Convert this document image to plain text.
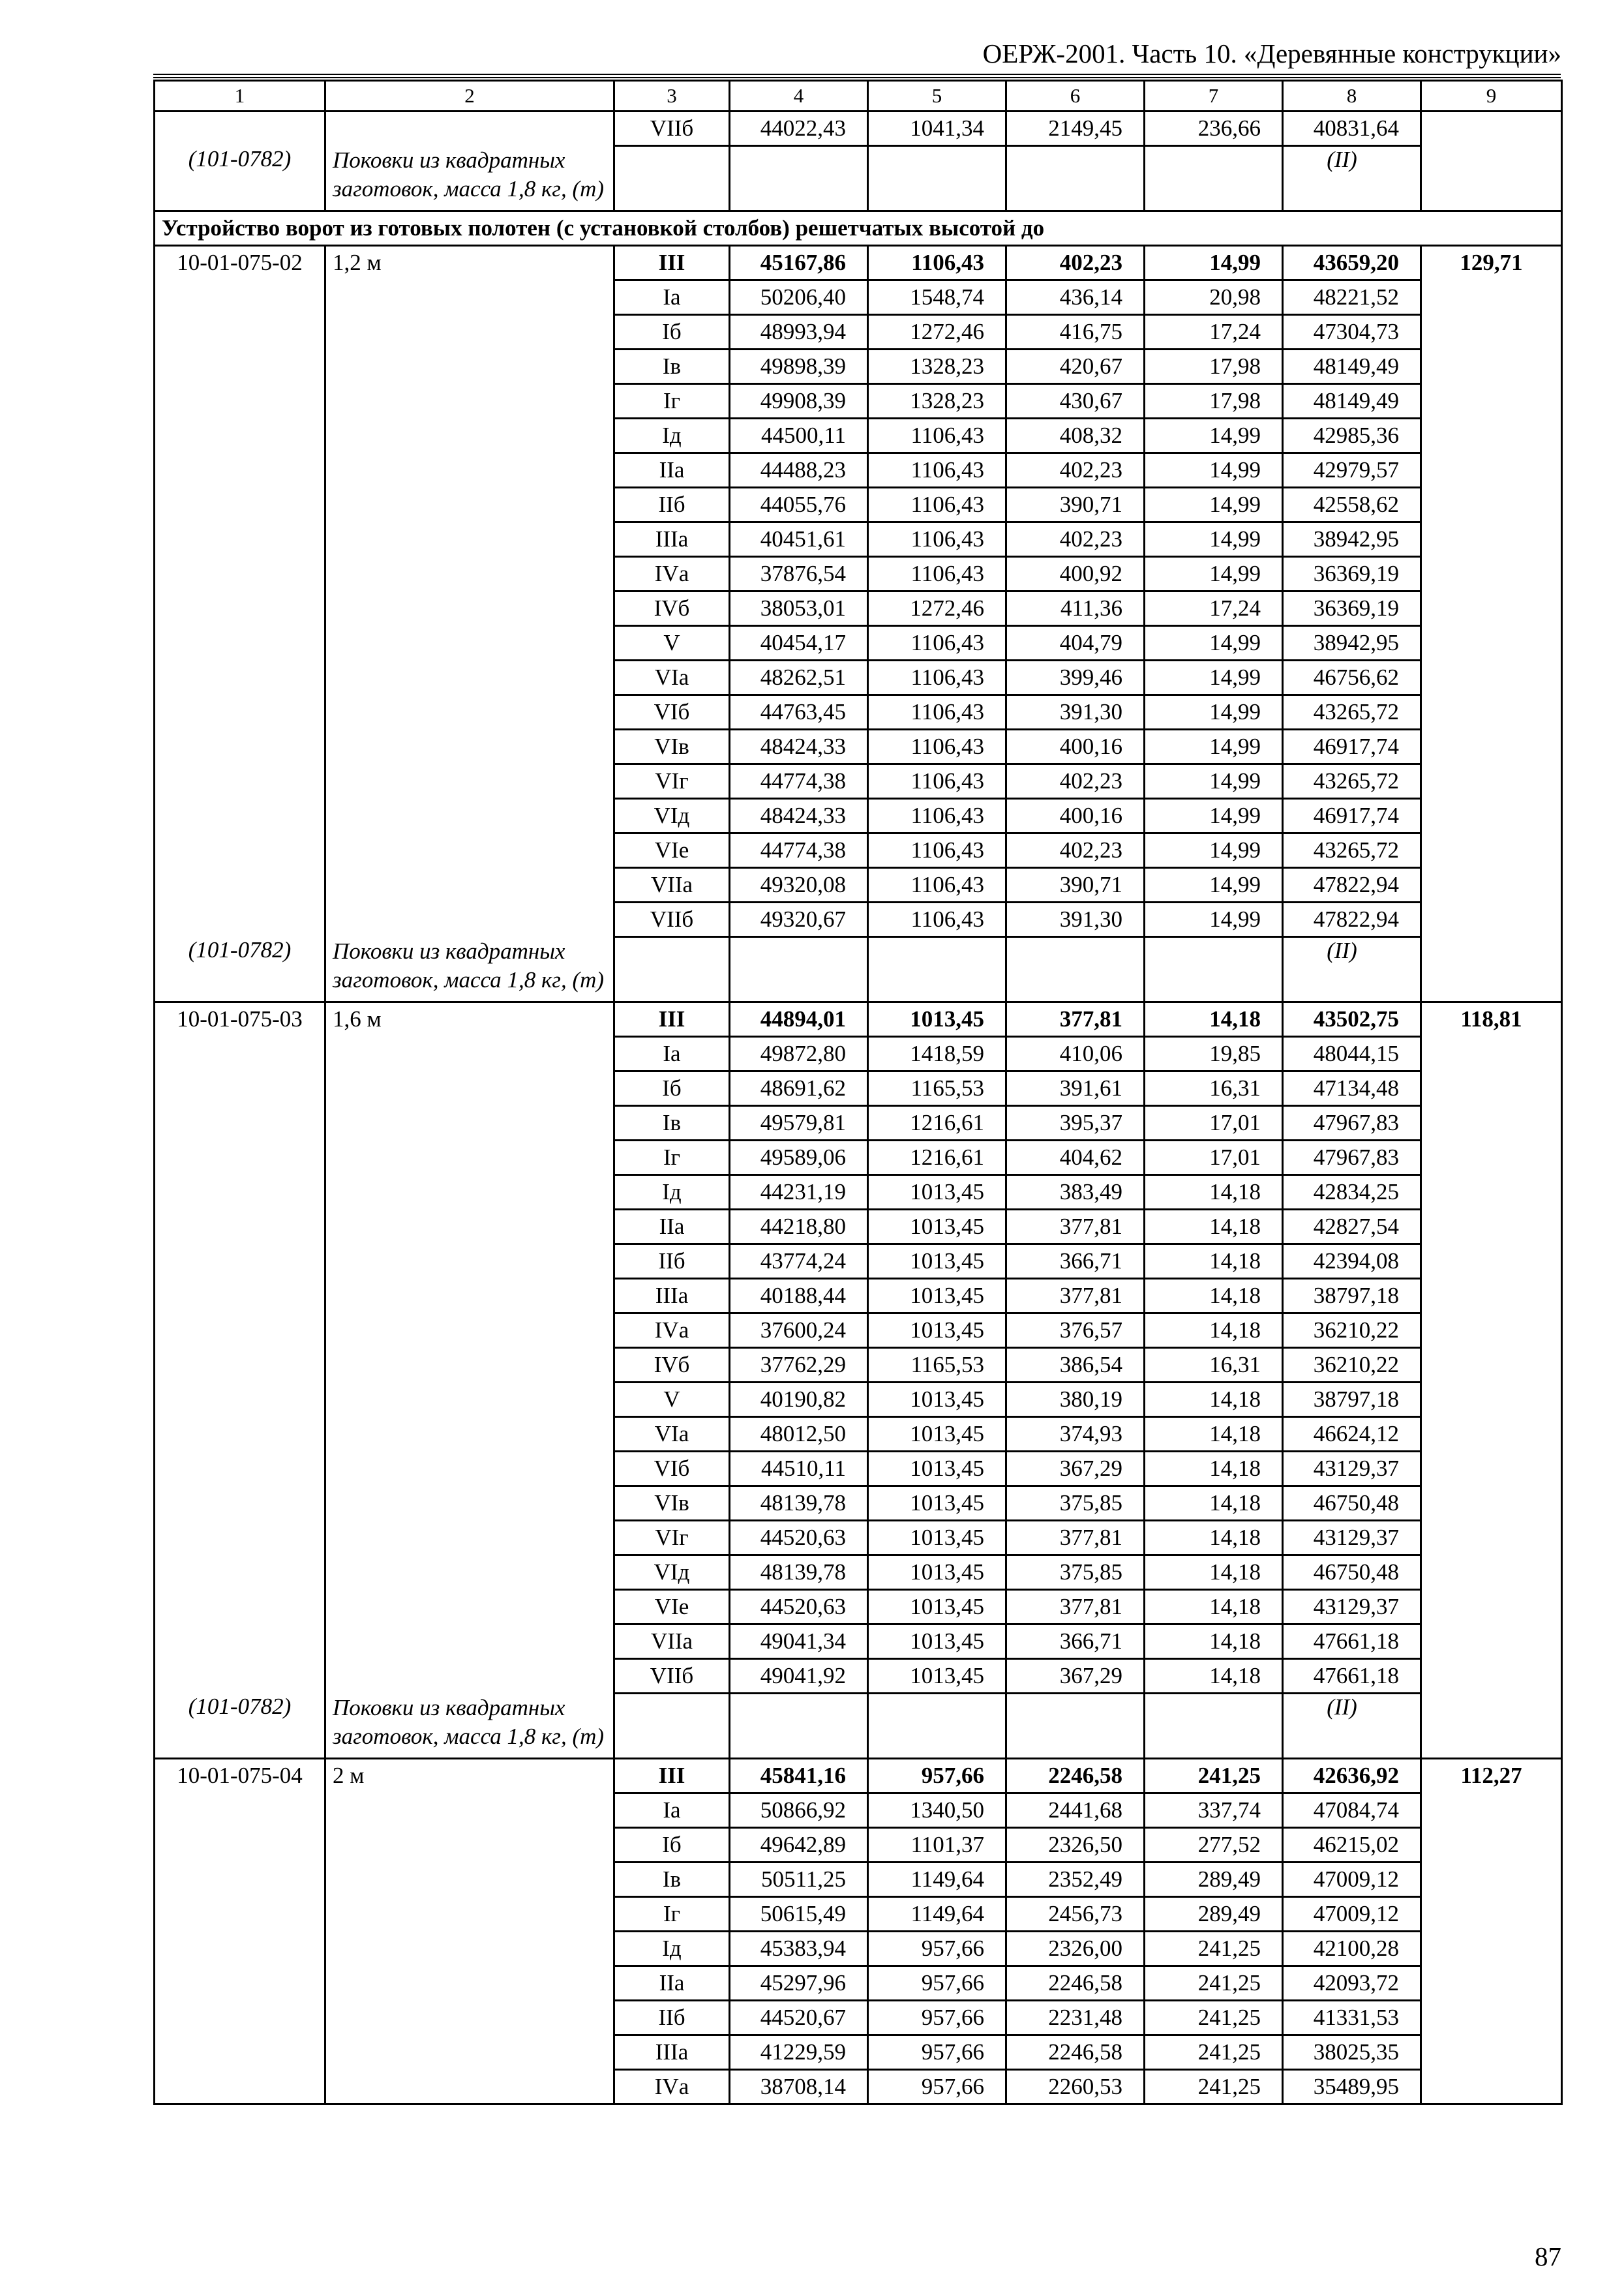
ОЕРЖ-2001. Часть 10. «Деревянные конструкции»
1	2	3	4	5	6	7	8	9
		VIIб	44022,43	1041,34	2149,45	236,66	40831,64	

(101-0782)	Поковки из квадратных заготовок, масса 1,8 кг, (т)						(II)	

Устройство ворот из готовых полотен (с установкой столбов) решетчатых высотой до								
10-01-075-02	1,2 м	III	45167,86	1106,43	402,23	14,99	43659,20	129,71
		Iа	50206,40	1548,74	436,14	20,98	48221,52	
		Iб	48993,94	1272,46	416,75	17,24	47304,73	
		Iв	49898,39	1328,23	420,67	17,98	48149,49	
		Iг	49908,39	1328,23	430,67	17,98	48149,49	
		Iд	44500,11	1106,43	408,32	14,99	42985,36	
		IIа	44488,23	1106,43	402,23	14,99	42979,57	
		IIб	44055,76	1106,43	390,71	14,99	42558,62	
		IIIа	40451,61	1106,43	402,23	14,99	38942,95	
		IVа	37876,54	1106,43	400,92	14,99	36369,19	
		IVб	38053,01	1272,46	411,36	17,24	36369,19	
		V	40454,17	1106,43	404,79	14,99	38942,95	
		VIа	48262,51	1106,43	399,46	14,99	46756,62	
		VIб	44763,45	1106,43	391,30	14,99	43265,72	
		VIв	48424,33	1106,43	400,16	14,99	46917,74	
		VIг	44774,38	1106,43	402,23	14,99	43265,72	
		VIд	48424,33	1106,43	400,16	14,99	46917,74	
		VIе	44774,38	1106,43	402,23	14,99	43265,72	
		VIIа	49320,08	1106,43	390,71	14,99	47822,94	
		VIIб	49320,67	1106,43	391,30	14,99	47822,94	

(101-0782)	Поковки из квадратных заготовок, масса 1,8 кг, (т)						(II)	

10-01-075-03	1,6 м	III	44894,01	1013,45	377,81	14,18	43502,75	118,81
		Iа	49872,80	1418,59	410,06	19,85	48044,15	
		Iб	48691,62	1165,53	391,61	16,31	47134,48	
		Iв	49579,81	1216,61	395,37	17,01	47967,83	
		Iг	49589,06	1216,61	404,62	17,01	47967,83	
		Iд	44231,19	1013,45	383,49	14,18	42834,25	
		IIа	44218,80	1013,45	377,81	14,18	42827,54	
		IIб	43774,24	1013,45	366,71	14,18	42394,08	
		IIIа	40188,44	1013,45	377,81	14,18	38797,18	
		IVа	37600,24	1013,45	376,57	14,18	36210,22	
		IVб	37762,29	1165,53	386,54	16,31	36210,22	
		V	40190,82	1013,45	380,19	14,18	38797,18	
		VIа	48012,50	1013,45	374,93	14,18	46624,12	
		VIб	44510,11	1013,45	367,29	14,18	43129,37	
		VIв	48139,78	1013,45	375,85	14,18	46750,48	
		VIг	44520,63	1013,45	377,81	14,18	43129,37	
		VIд	48139,78	1013,45	375,85	14,18	46750,48	
		VIе	44520,63	1013,45	377,81	14,18	43129,37	
		VIIа	49041,34	1013,45	366,71	14,18	47661,18	
		VIIб	49041,92	1013,45	367,29	14,18	47661,18	

(101-0782)	Поковки из квадратных заготовок, масса 1,8 кг, (т)						(II)	

10-01-075-04	2 м	III	45841,16	957,66	2246,58	241,25	42636,92	112,27
		Iа	50866,92	1340,50	2441,68	337,74	47084,74	
		Iб	49642,89	1101,37	2326,50	277,52	46215,02	
		Iв	50511,25	1149,64	2352,49	289,49	47009,12	
		Iг	50615,49	1149,64	2456,73	289,49	47009,12	
		Iд	45383,94	957,66	2326,00	241,25	42100,28	
		IIа	45297,96	957,66	2246,58	241,25	42093,72	
		IIб	44520,67	957,66	2231,48	241,25	41331,53	
		IIIа	41229,59	957,66	2246,58	241,25	38025,35	
		IVа	38708,14	957,66	2260,53	241,25	35489,95	
87
